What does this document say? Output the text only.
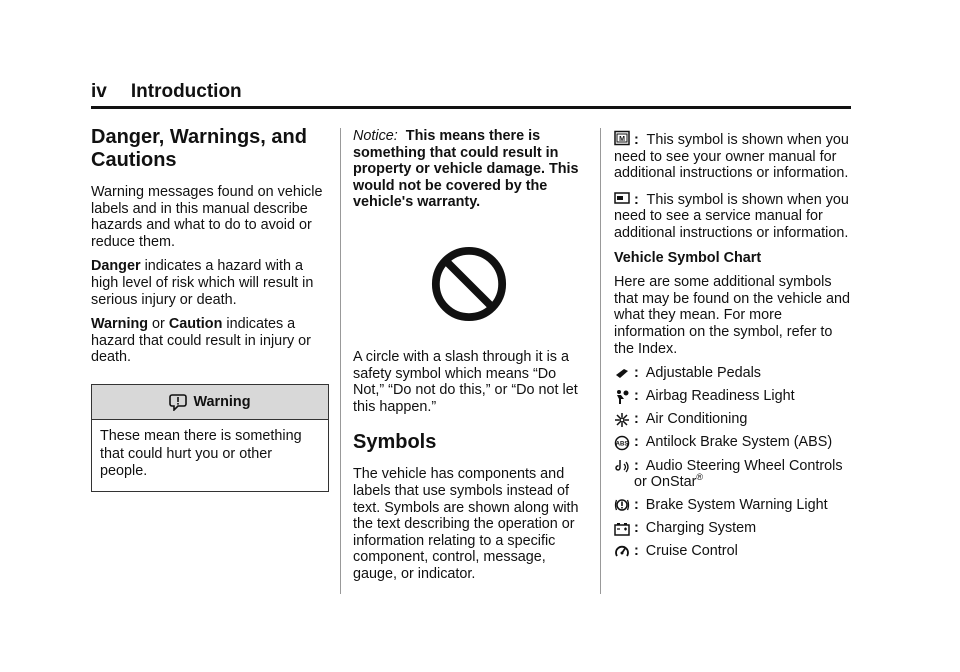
iv Introduction
Danger, Warnings, and Cautions

Warning messages found on vehicle labels and in this manual describe hazards and what to do to avoid or reduce them.

Danger indicates a hazard with a high level of risk which will result in serious injury or death.

Warning or Caution indicates a hazard that could result in injury or death.

Warning
These mean there is something that could hurt you or other people.

Notice: This means there is something that could result in property or vehicle damage. This would not be covered by the vehicle's warranty.

A circle with a slash through it is a safety symbol which means “Do Not,” “Do not do this,” or “Do not let this happen.”

Symbols

The vehicle has components and labels that use symbols instead of text. Symbols are shown along with the text describing the operation or information relating to a specific component, control, message, gauge, or indicator.

M : This symbol is shown when you need to see your owner manual for additional instructions or information.

: This symbol is shown when you need to see a service manual for additional instructions or information.

Vehicle Symbol Chart

Here are some additional symbols that may be found on the vehicle and what they mean. For more information on the symbol, refer to the Index.

: Adjustable Pedals
: Airbag Readiness Light
: Air Conditioning
ABS : Antilock Brake System (ABS)
: Audio Steering Wheel Controls or OnStar®
: Brake System Warning Light
: Charging System
: Cruise Control
